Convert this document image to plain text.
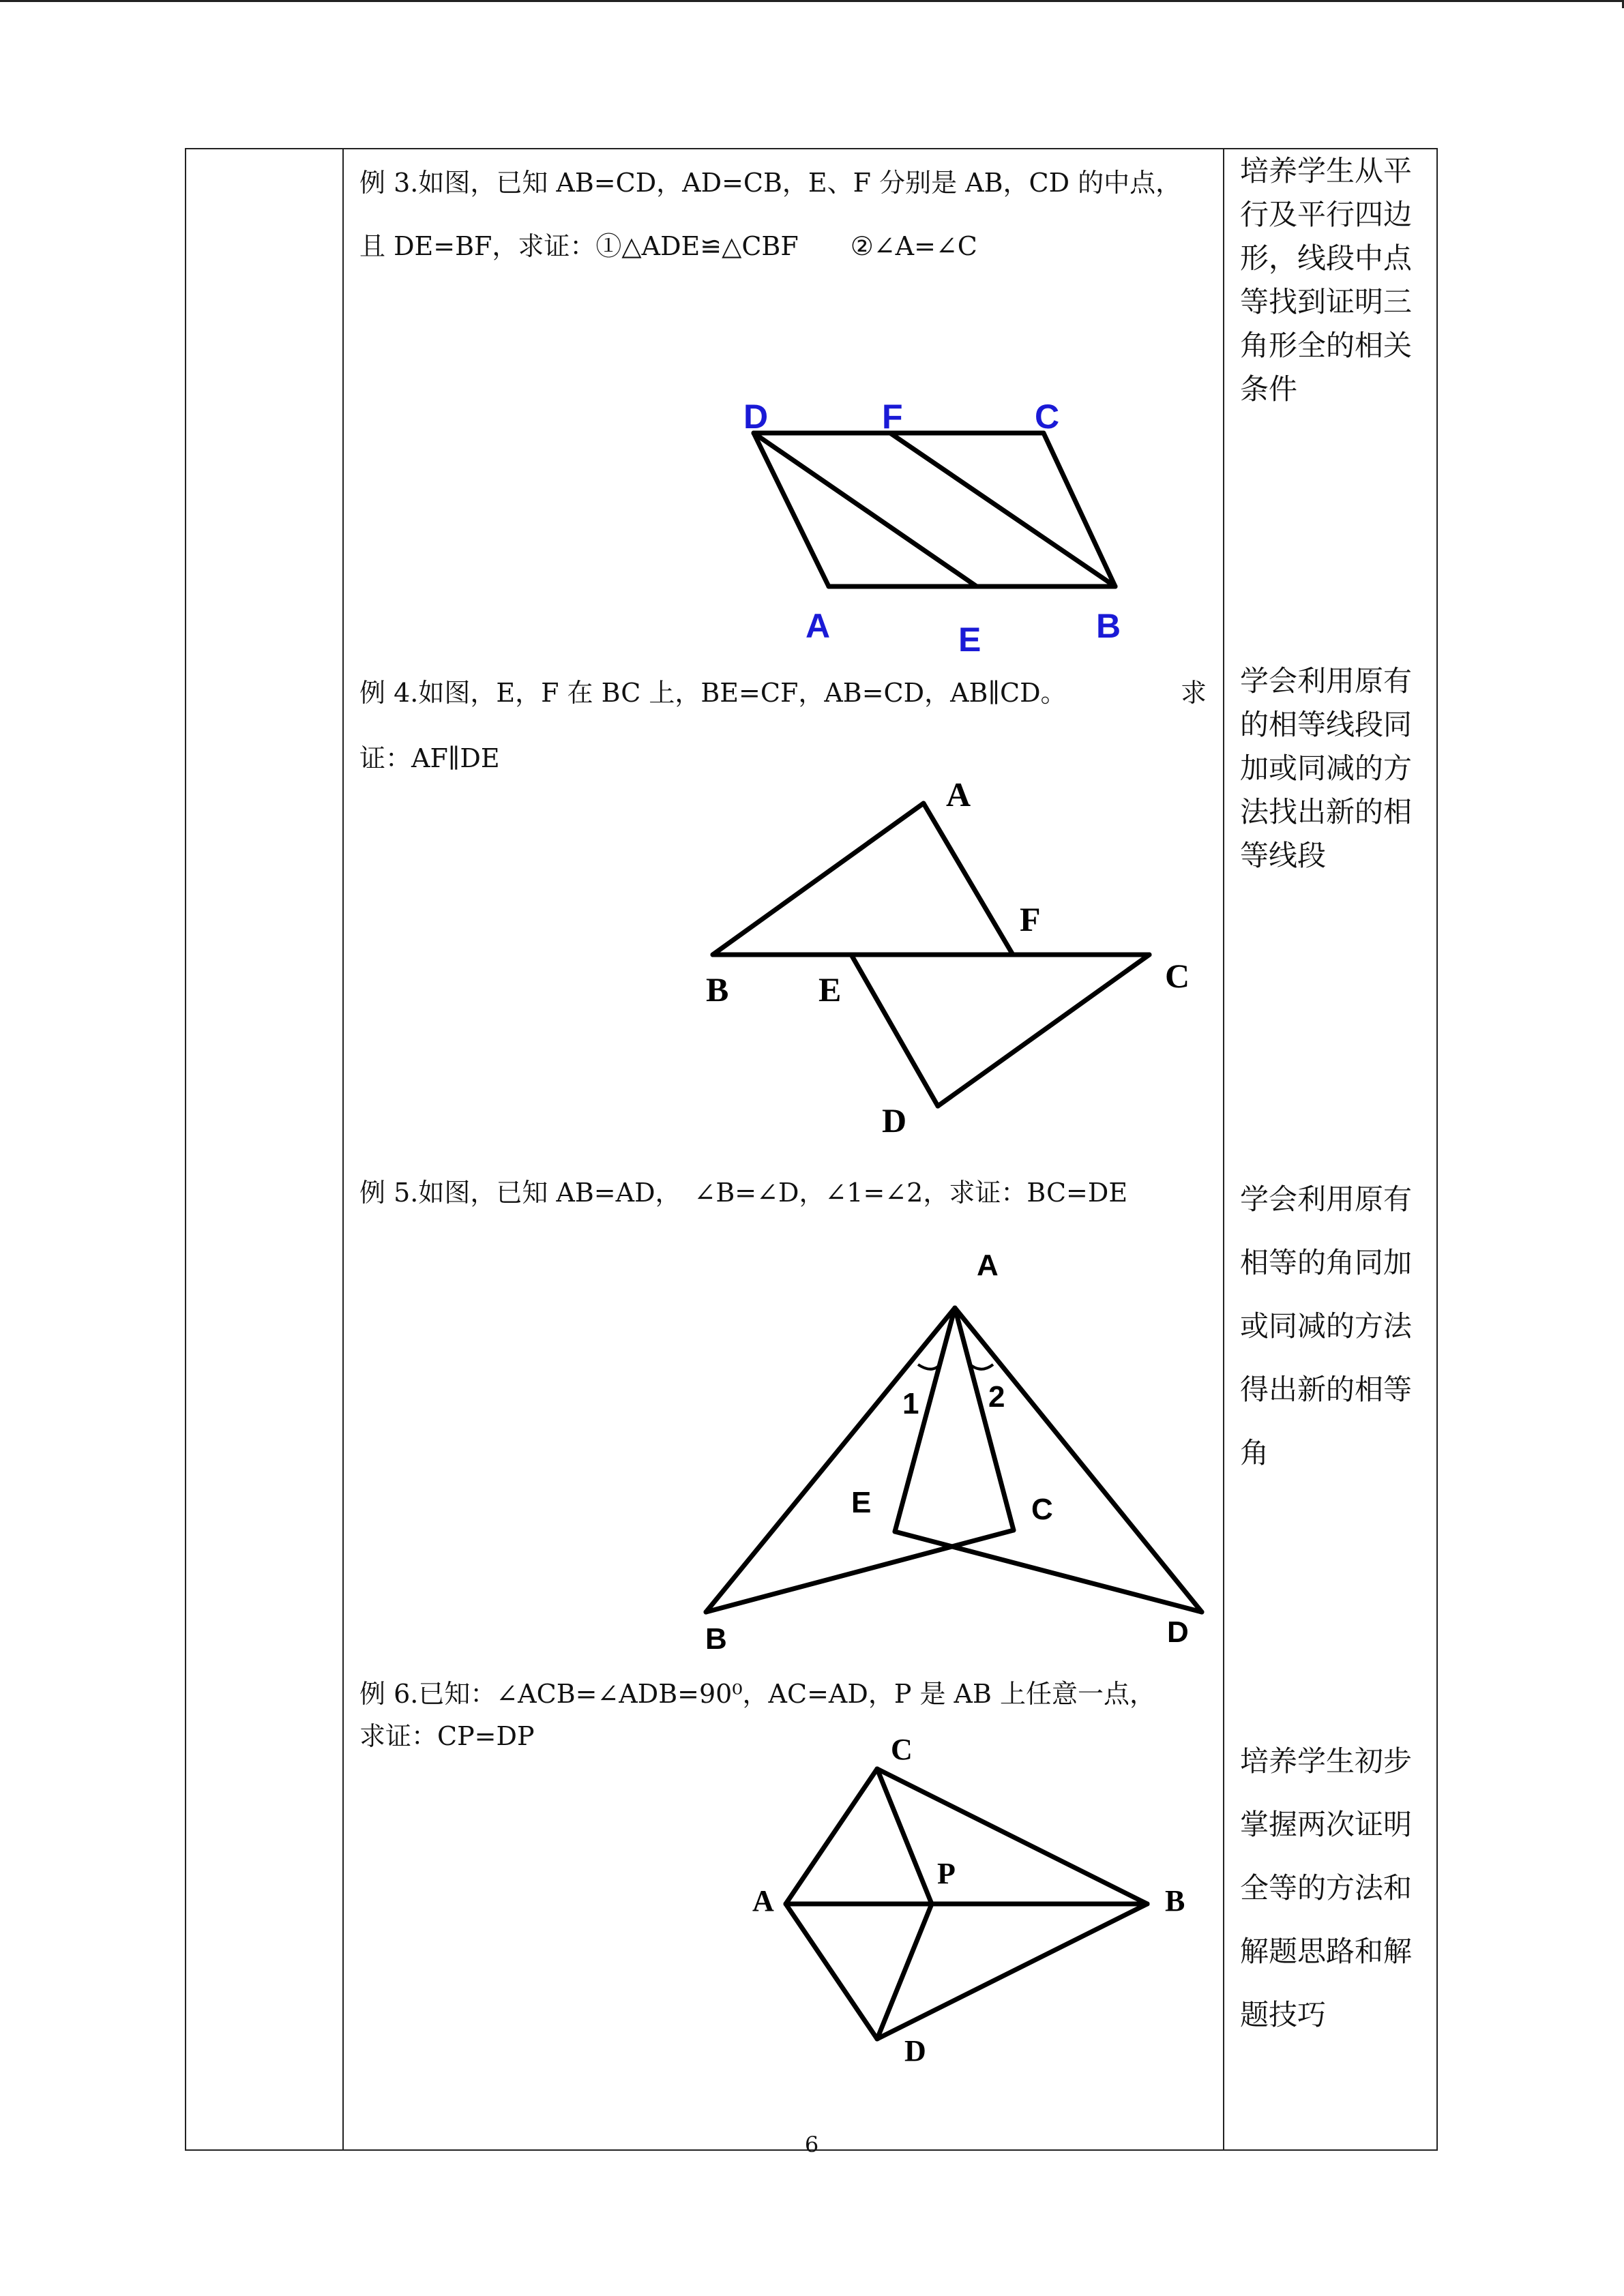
例 3.如图，已知 AB=CD，AD=CB，E、F 分别是 AB，CD 的中点，
且 DE=BF，求证：①△ADE≌△CBF　　②∠A=∠C
培养学生从平
行及平行四边
形，线段中点
等找到证明三
角形全的相关
条件
D	F	C
A	E	B
例 4.如图，E，F 在 BC 上，BE=CF，AB=CD，AB∥CD。	求
证：AF∥DE
学会利用原有
的相等线段同
加或同减的方
法找出新的相
等线段
A
F
B	E	C
D
例 5.如图，已知 AB=AD，　∠B=∠D，∠1=∠2，求证：BC=DE	学会利用原有
相等的角同加
或同减的方法
得出新的相等
角
A
1 2
E	C
B	D
例 6.已知：∠ACB=∠ADB=90⁰，AC=AD，P 是 AB 上任意一点，
求证：CP=DP
培养学生初步
掌握两次证明
全等的方法和
解题思路和解
题技巧
C
P
A	B
D
6
